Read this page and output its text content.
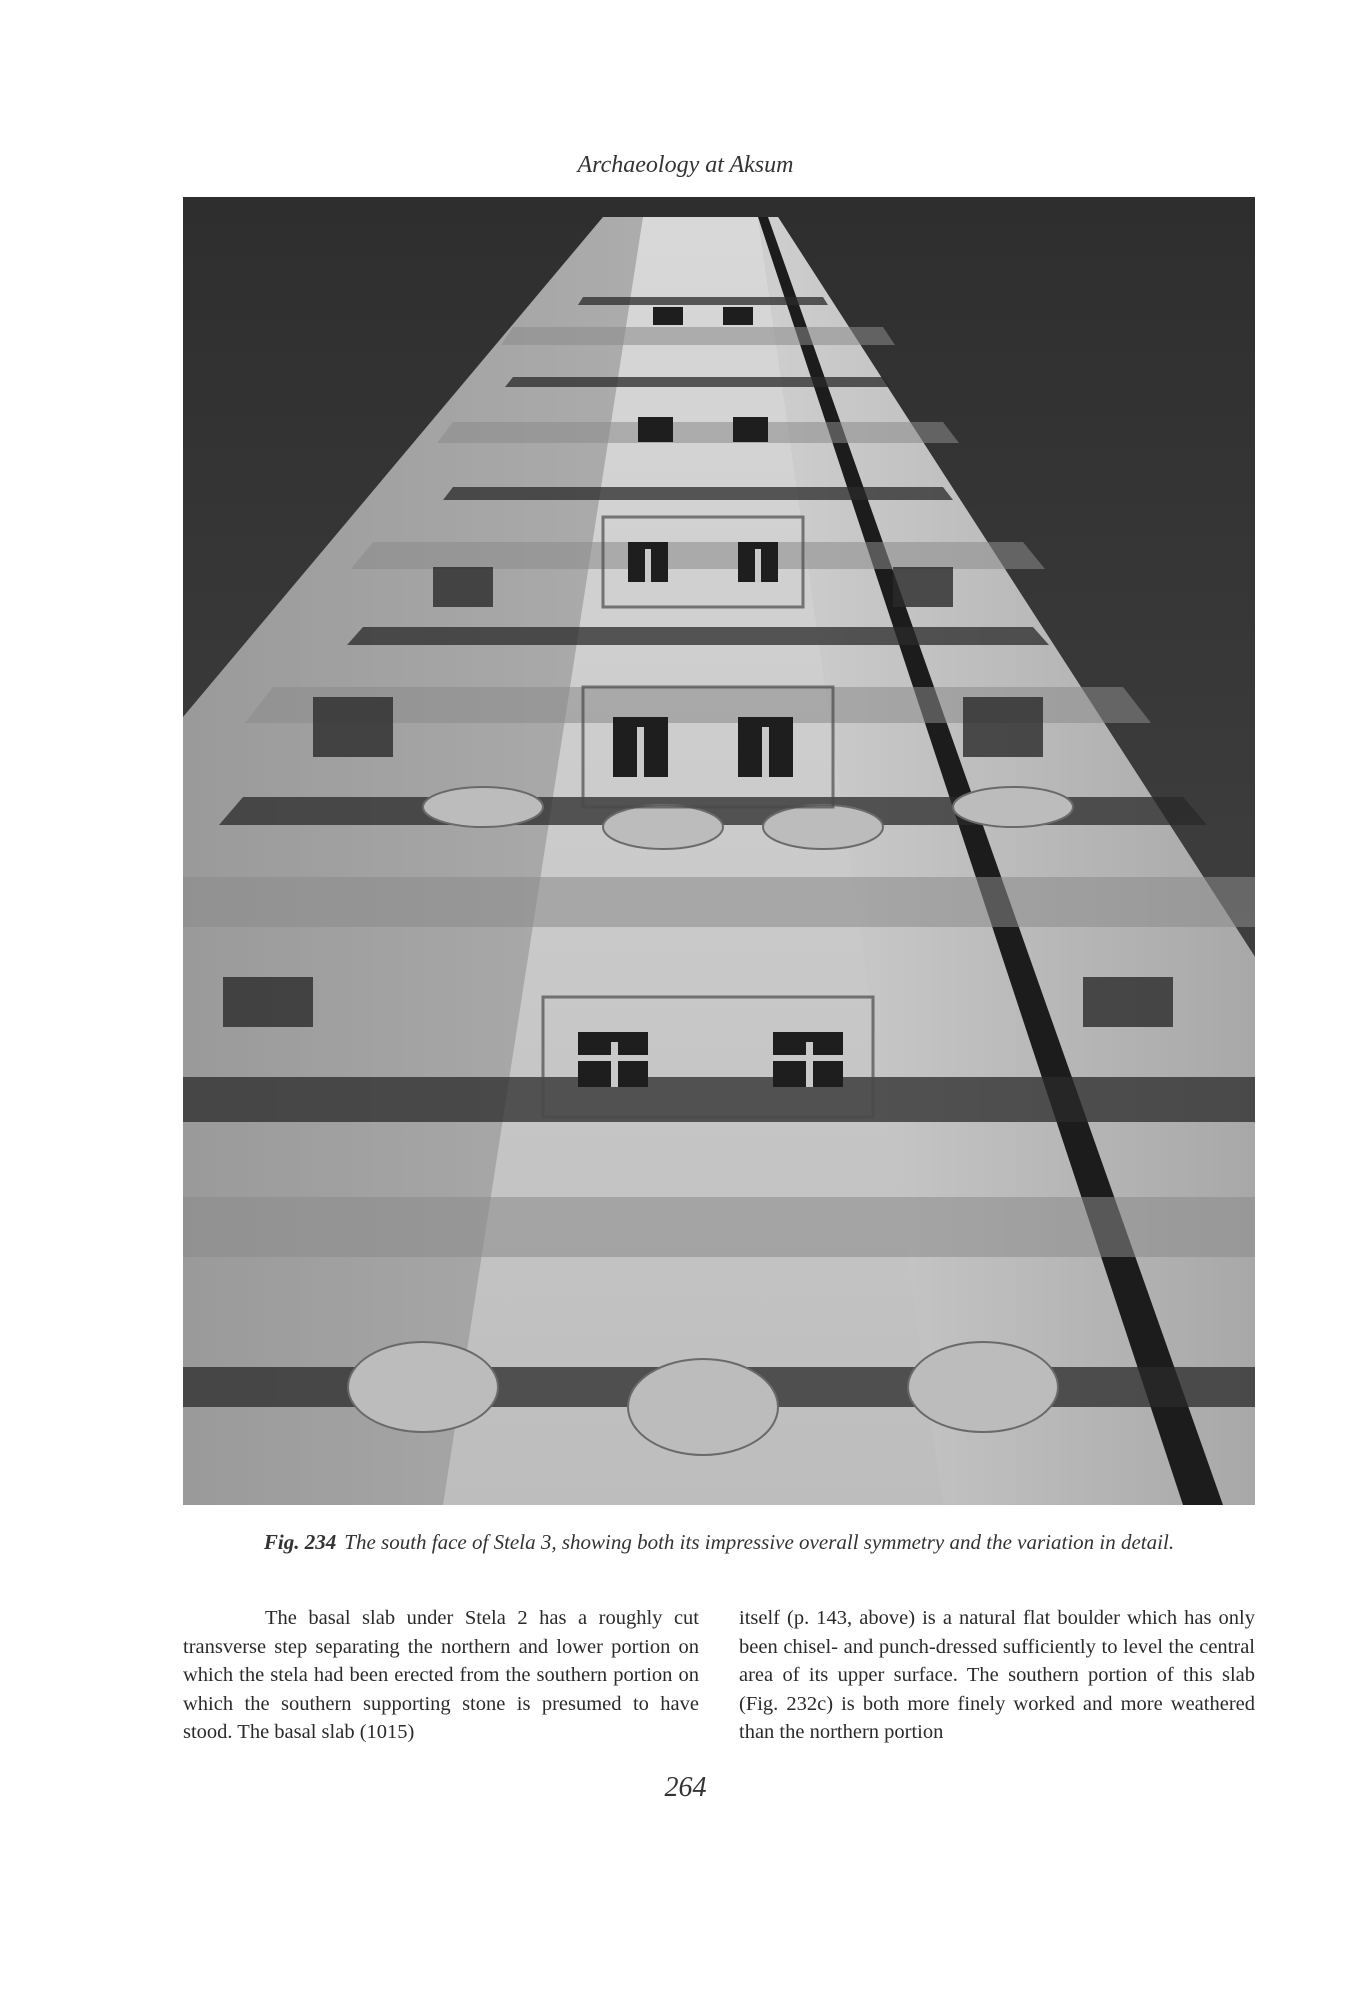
Archaeology at Aksum
Fig. 234 The south face of Stela 3, showing both its impressive overall symmetry and the variation in detail.

The basal slab under Stela 2 has a roughly cut transverse step separating the northern and lower portion on which the stela had been erected from the southern portion on which the southern supporting stone is presumed to have stood. The basal slab (1015)

itself (p. 143, above) is a natural flat boulder which has only been chisel- and punch-dressed sufficiently to level the central area of its upper surface. The southern portion of this slab (Fig. 232c) is both more finely worked and more weathered than the northern portion

264
